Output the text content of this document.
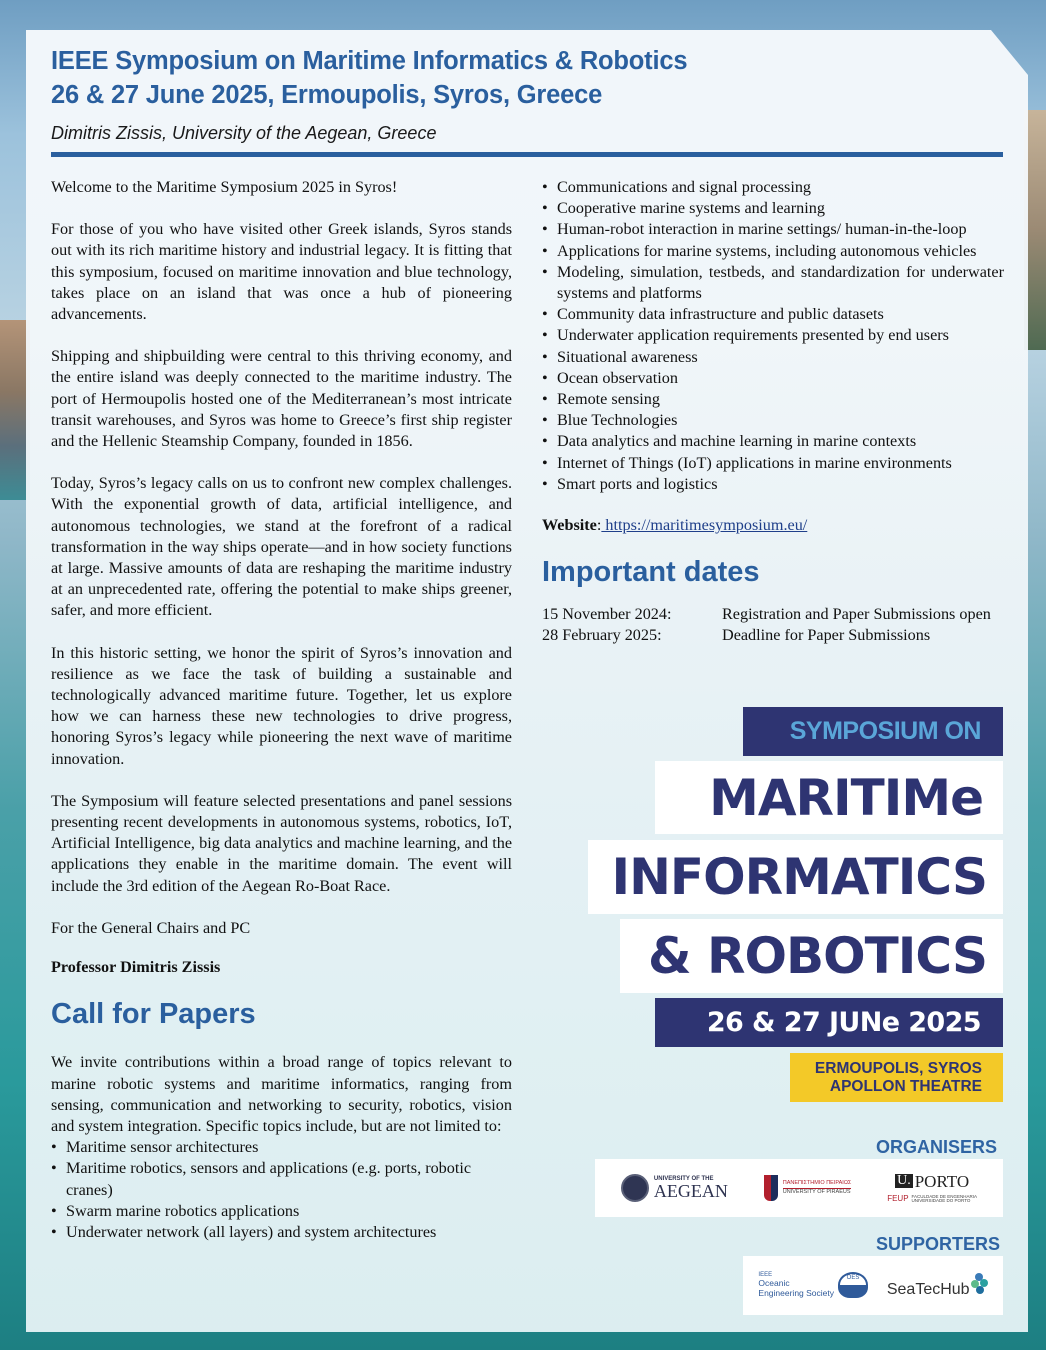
IEEE Symposium on Maritime Informatics & Robotics
26 & 27 June 2025, Ermoupolis, Syros, Greece
Dimitris Zissis, University of the Aegean, Greece

Welcome to the Maritime Symposium 2025 in Syros!

For those of you who have visited other Greek islands, Syros stands out with its rich maritime history and industrial legacy. It is fitting that this symposium, focused on maritime innovation and blue technology, takes place on an island that was once a hub of pioneering advancements.

Shipping and shipbuilding were central to this thriving economy, and the entire island was deeply connected to the maritime industry. The port of Hermoupolis hosted one of the Mediterranean’s most intricate transit warehouses, and Syros was home to Greece’s first ship register and the Hellenic Steamship Company, founded in 1856.

Today, Syros’s legacy calls on us to confront new complex challenges. With the exponential growth of data, artificial intelligence, and autonomous technologies, we stand at the forefront of a radical transformation in the way ships operate—and in how society functions at large. Massive amounts of data are reshaping the maritime industry at an unprecedented rate, offering the potential to make ships greener, safer, and more efficient.

In this historic setting, we honor the spirit of Syros’s innovation and resilience as we face the task of building a sustainable and technologically advanced maritime future. Together, let us explore how we can harness these new technologies to drive progress, honoring Syros’s legacy while pioneering the next wave of maritime innovation.

The Symposium will feature selected presentations and panel sessions presenting recent developments in autonomous systems, robotics, IoT, Artificial Intelligence, big data analytics and machine learning, and the applications they enable in the maritime domain. The event will include the 3rd edition of the Aegean Ro-Boat Race.

For the General Chairs and PC

Professor Dimitris Zissis

Call for Papers

We invite contributions within a broad range of topics relevant to marine robotic systems and maritime informatics, ranging from sensing, communication and networking to security, robotics, vision and system integration. Specific topics include, but are not limited to:

• Maritime sensor architectures
• Maritime robotics, sensors and applications (e.g. ports, robotic cranes)
• Swarm marine robotics applications
• Underwater network (all layers) and system architectures
• Communications and signal processing
• Cooperative marine systems and learning
• Human-robot interaction in marine settings/ human-in-the-loop
• Applications for marine systems, including autonomous vehicles
• Modeling, simulation, testbeds, and standardization for underwater systems and platforms
• Community data infrastructure and public datasets
• Underwater application requirements presented by end users
• Situational awareness
• Ocean observation
• Remote sensing
• Blue Technologies
• Data analytics and machine learning in marine contexts
• Internet of Things (IoT) applications in marine environments
• Smart ports and logistics
Website: https://maritimesymposium.eu/
Important dates
15 November 2024:	Registration and Paper Submissions open
28 February 2025:	Deadline for Paper Submissions
SYMPOSIUM ON
MARITIMe
INFORMATICS
& ROBOTICS
26 & 27 JUNe 2025
ERMOUPOLIS, SYROS
APOLLON THEATRE
ORGANISERS
UNIVERSITY OF THE
AEGEAN	ΠΑΝΕΠΙΣΤΗΜΙΟ ΠΕΙΡΑΙΩΣ
UNIVERSITY OF PIRAEUS
U. PORTO
FEUP FACULDADE DE ENGENHARIA
UNIVERSIDADE DO PORTO
SUPPORTERS
IEEE
Oceanic
Engineering Society
OES
SeaTecHub
